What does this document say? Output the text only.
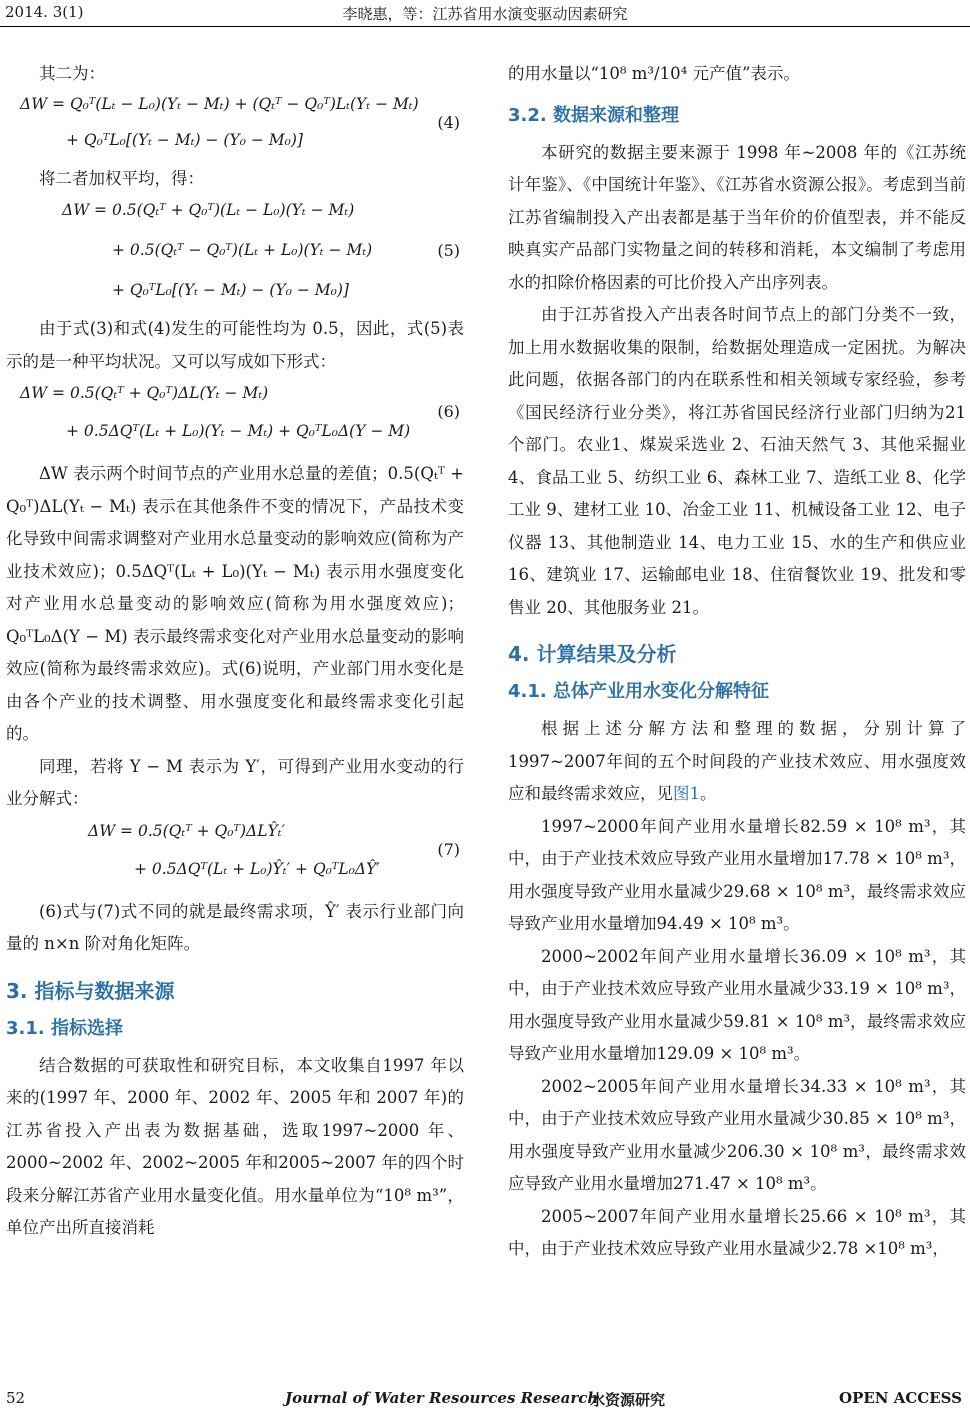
2014. 3(1)	李晓惠，等：江苏省用水演变驱动因素研究

其二为：

ΔW = Q₀ᵀ(Lₜ − L₀)(Yₜ − Mₜ) + (Qₜᵀ − Q₀ᵀ)Lₜ(Yₜ − Mₜ)
+ Q₀ᵀL₀[(Yₜ − Mₜ) − (Y₀ − M₀)]
(4)

将二者加权平均，得：

ΔW = 0.5(Qₜᵀ + Q₀ᵀ)(Lₜ − L₀)(Yₜ − Mₜ)
+ 0.5(Qₜᵀ − Q₀ᵀ)(Lₜ + L₀)(Yₜ − Mₜ)
+ Q₀ᵀL₀[(Yₜ − Mₜ) − (Y₀ − M₀)]
(5)

由于式(3)和式(4)发生的可能性均为 0.5，因此，式(5)表示的是一种平均状况。又可以写成如下形式：

ΔW = 0.5(Qₜᵀ + Q₀ᵀ)ΔL(Yₜ − Mₜ)
+ 0.5ΔQᵀ(Lₜ + L₀)(Yₜ − Mₜ) + Q₀ᵀL₀Δ(Y − M)
(6)

ΔW 表示两个时间节点的产业用水总量的差值；0.5(Qₜᵀ + Q₀ᵀ)ΔL(Yₜ − Mₜ) 表示在其他条件不变的情况下，产品技术变化导致中间需求调整对产业用水总量变动的影响效应(简称为产业技术效应)；0.5ΔQᵀ(Lₜ + L₀)(Yₜ − Mₜ) 表示用水强度变化对产业用水总量变动的影响效应(简称为用水强度效应)；Q₀ᵀL₀Δ(Y − M) 表示最终需求变化对产业用水总量变动的影响效应(简称为最终需求效应)。式(6)说明，产业部门用水变化是由各个产业的技术调整、用水强度变化和最终需求变化引起的。

同理，若将 Y − M 表示为 Y′，可得到产业用水变动的行业分解式：

ΔW = 0.5(Qₜᵀ + Q₀ᵀ)ΔLŶₜ′
+ 0.5ΔQᵀ(Lₜ + L₀)Ŷₜ′ + Q₀ᵀL₀ΔŶ′
(7)

(6)式与(7)式不同的就是最终需求项，Ŷ′ 表示行业部门向量的 n×n 阶对角化矩阵。

3. 指标与数据来源
3.1. 指标选择

结合数据的可获取性和研究目标，本文收集自1997 年以来的(1997 年、2000 年、2002 年、2005 年和 2007 年)的江苏省投入产出表为数据基础，选取1997~2000 年、2000~2002 年、2002~2005 年和2005~2007 年的四个时段来分解江苏省产业用水量变化值。用水量单位为“10⁸ m³”，单位产出所直接消耗

的用水量以“10⁸ m³/10⁴ 元产值”表示。

3.2. 数据来源和整理

本研究的数据主要来源于 1998 年~2008 年的《江苏统计年鉴》、《中国统计年鉴》、《江苏省水资源公报》。考虑到当前江苏省编制投入产出表都是基于当年价的价值型表，并不能反映真实产品部门实物量之间的转移和消耗，本文编制了考虑用水的扣除价格因素的可比价投入产出序列表。

由于江苏省投入产出表各时间节点上的部门分类不一致，加上用水数据收集的限制，给数据处理造成一定困扰。为解决此问题，依据各部门的内在联系性和相关领域专家经验，参考《国民经济行业分类》，将江苏省国民经济行业部门归纳为21个部门。农业1、煤炭采选业 2、石油天然气 3、其他采掘业 4、食品工业 5、纺织工业 6、森林工业 7、造纸工业 8、化学工业 9、建材工业 10、冶金工业 11、机械设备工业 12、电子仪器 13、其他制造业 14、电力工业 15、水的生产和供应业 16、建筑业 17、运输邮电业 18、住宿餐饮业 19、批发和零售业 20、其他服务业 21。

4. 计算结果及分析
4.1. 总体产业用水变化分解特征

根据上述分解方法和整理的数据，分别计算了1997~2007年间的五个时间段的产业技术效应、用水强度效应和最终需求效应，见图1。

1997~2000年间产业用水量增长82.59 × 10⁸ m³，其中，由于产业技术效应导致产业用水量增加17.78 × 10⁸ m³，用水强度导致产业用水量减少29.68 × 10⁸ m³，最终需求效应导致产业用水量增加94.49 × 10⁸ m³。

2000~2002年间产业用水量增长36.09 × 10⁸ m³，其中，由于产业技术效应导致产业用水量减少33.19 × 10⁸ m³，用水强度导致产业用水量减少59.81 × 10⁸ m³，最终需求效应导致产业用水量增加129.09 × 10⁸ m³。

2002~2005年间产业用水量增长34.33 × 10⁸ m³，其中，由于产业技术效应导致产业用水量减少30.85 × 10⁸ m³，用水强度导致产业用水量减少206.30 × 10⁸ m³，最终需求效应导致产业用水量增加271.47 × 10⁸ m³。

2005~2007年间产业用水量增长25.66 × 10⁸ m³，其中，由于产业技术效应导致产业用水量减少2.78 ×10⁸ m³，

52	Journal of Water Resources Research
水资源研究	OPEN ACCESS
